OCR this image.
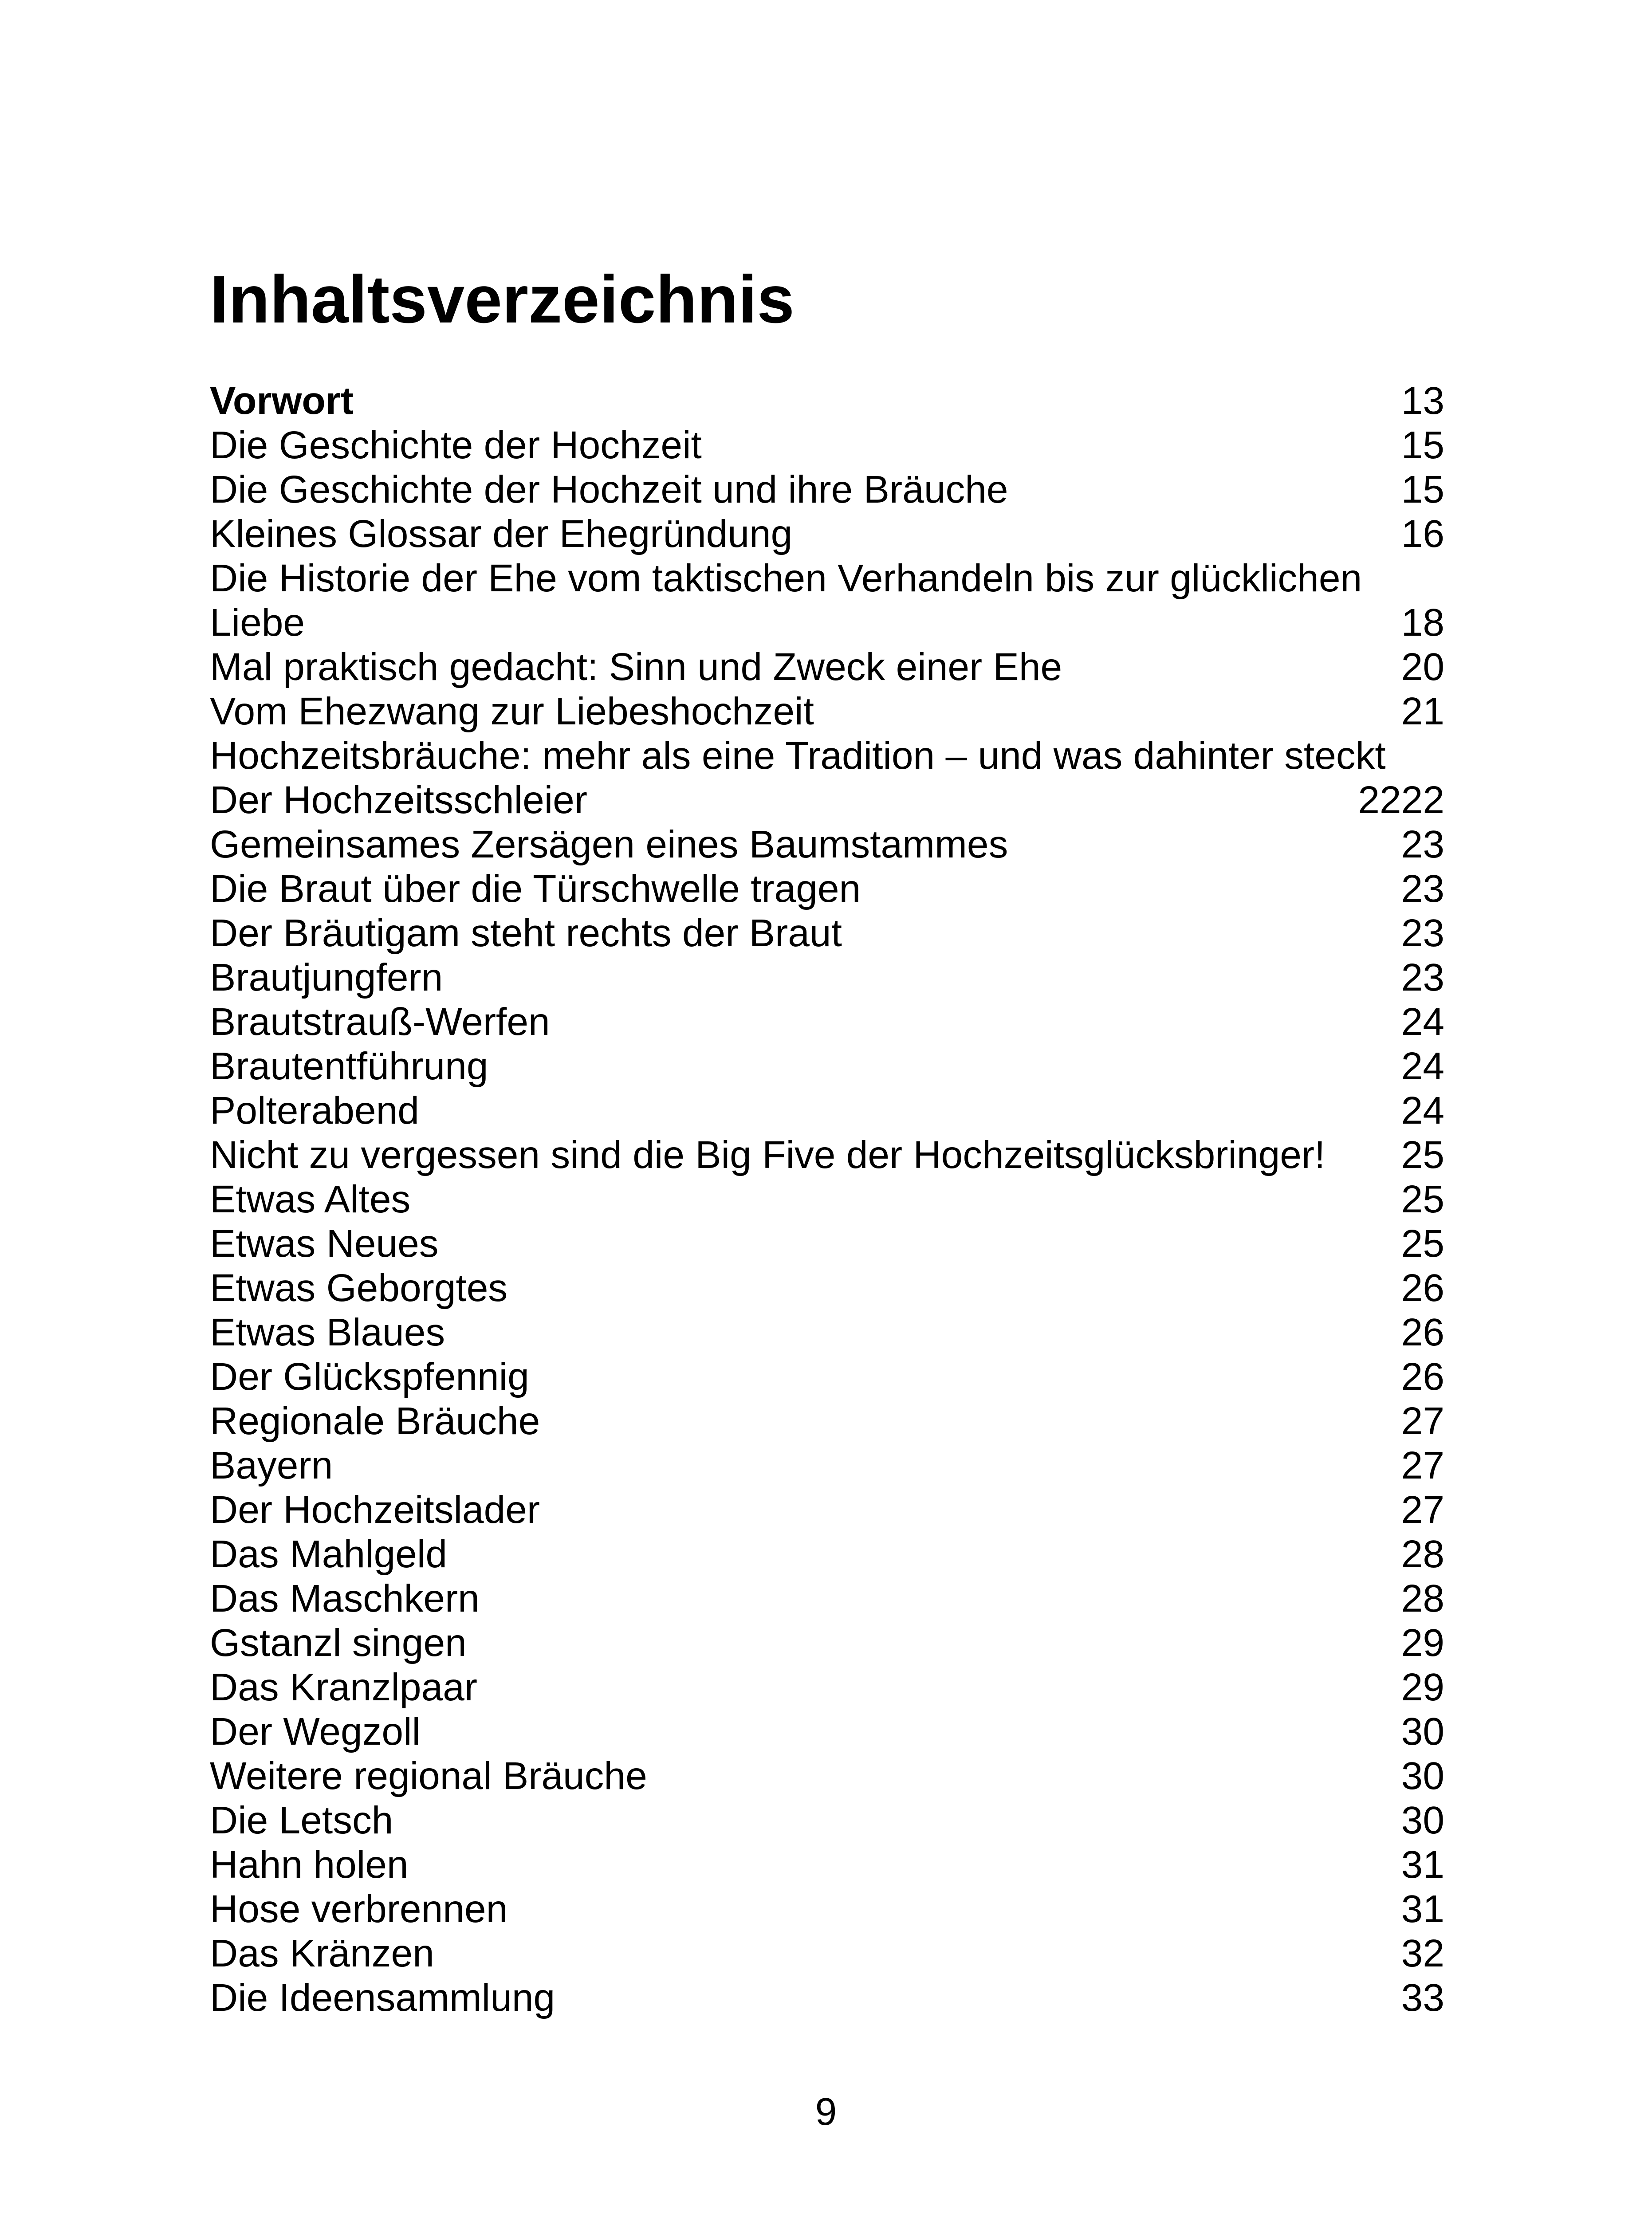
Inhaltsverzeichnis
Vorwort	13
Die Geschichte der Hochzeit	15
Die Geschichte der Hochzeit und ihre Bräuche	15
Kleines Glossar der Ehegründung	16
Die Historie der Ehe vom taktischen Verhandeln bis zur glücklichen
Liebe	18
Mal praktisch gedacht: Sinn und Zweck einer Ehe	20
Vom Ehezwang zur Liebeshochzeit	21
Hochzeitsbräuche: mehr als eine Tradition – und was dahinter steckt
Der Hochzeitsschleier	2222
Gemeinsames Zersägen eines Baumstammes	23
Die Braut über die Türschwelle tragen	23
Der Bräutigam steht rechts der Braut	23
Brautjungfern	23
Brautstrauß-Werfen	24
Brautentführung	24
Polterabend	24
Nicht zu vergessen sind die Big Five der Hochzeitsglücksbringer! 25
Etwas Altes	25
Etwas Neues	25
Etwas Geborgtes	26
Etwas Blaues	26
Der Glückspfennig	26
Regionale Bräuche	27
Bayern	27
Der Hochzeitslader	27
Das Mahlgeld	28
Das Maschkern	28
Gstanzl singen	29
Das Kranzlpaar	29
Der Wegzoll	30
Weitere regional Bräuche	30
Die Letsch	30
Hahn holen	31
Hose verbrennen	31
Das Kränzen	32
Die Ideensammlung	33
9
